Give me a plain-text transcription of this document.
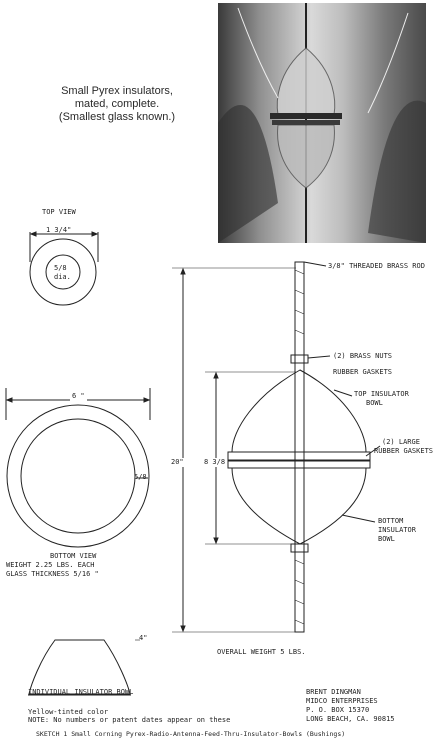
Small Pyrex insulators,
mated, complete.
(Smallest glass known.)
TOP VIEW
1 3/4"
5/8
dia.
6 "
5/8
BOTTOM VIEW
WEIGHT 2.25 LBS. EACH
GLASS THICKNESS 5/16 "
3/8" THREADED BRASS ROD
(2) BRASS NUTS
RUBBER GASKETS
TOP INSULATOR
BOWL
(2) LARGE
RUBBER GASKETS
BOTTOM
INSULATOR
BOWL
20"	8 3/8
OVERALL WEIGHT 5 LBS.
4"
INDIVIDUAL INSULATOR BOWL
Yellow-tinted color
NOTE: No numbers or patent dates appear on these
BRENT DINGMAN
MIDCO ENTERPRISES
P. O. BOX 15370
LONG BEACH, CA. 90815
SKETCH 1 Small Corning Pyrex-Radio-Antenna-Feed-Thru-Insulator-Bowls (Bushings)
